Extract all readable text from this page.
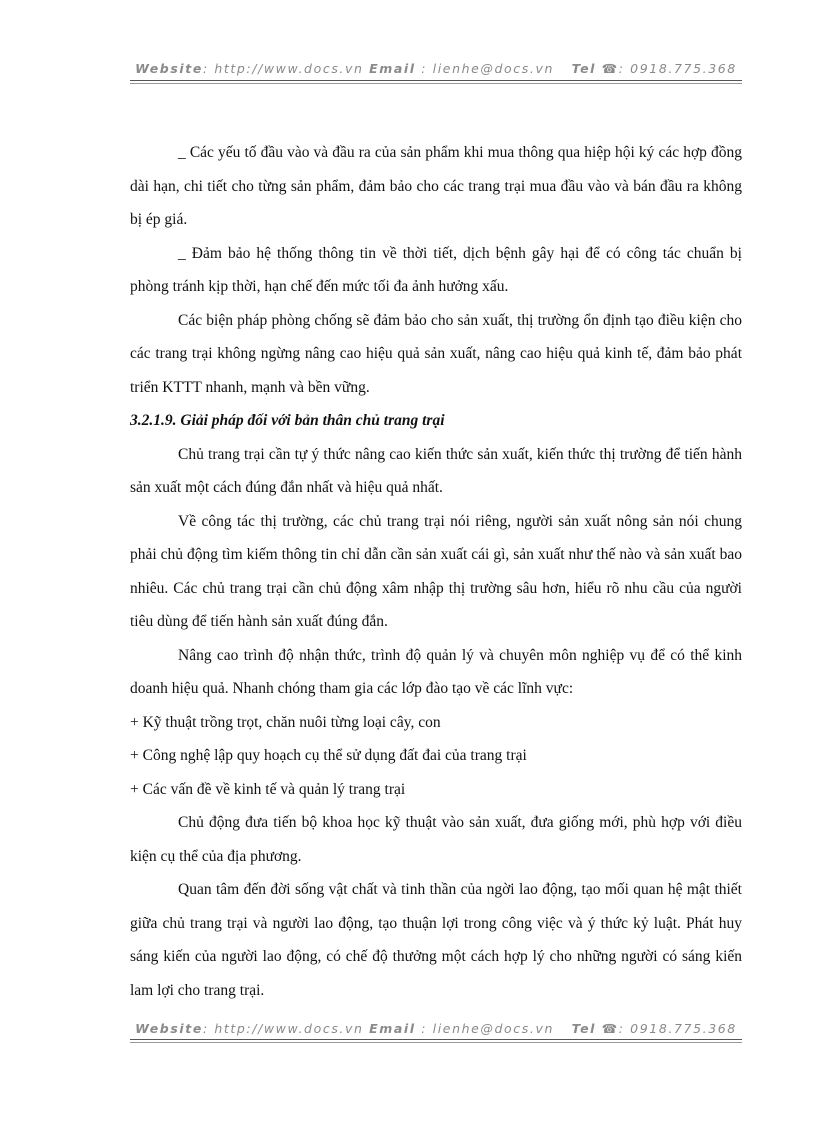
Website: http://www.docs.vn Email : lienhe@docs.vn Tel ☎: 0918.775.368

_ Các yếu tố đầu vào và đầu ra của sản phẩm khi mua thông qua hiệp hội ký các hợp đồng dài hạn, chi tiết cho từng sản phẩm, đảm bảo cho các trang trại mua đầu vào và bán đầu ra không bị ép giá.

_ Đảm bảo hệ thống thông tin về thời tiết, dịch bệnh gây hại để có công tác chuẩn bị phòng tránh kịp thời, hạn chế đến mức tối đa ảnh hưởng xấu.

Các biện pháp phòng chống sẽ đảm bảo cho sản xuất, thị trường ổn định tạo điều kiện cho các trang trại không ngừng nâng cao hiệu quả sản xuất, nâng cao hiệu quả kinh tế, đảm bảo phát triển KTTT nhanh, mạnh và bền vững.

3.2.1.9. Giải pháp đối với bản thân chủ trang trại

Chủ trang trại cần tự ý thức nâng cao kiến thức sản xuất, kiến thức thị trường để tiến hành sản xuất một cách đúng đắn nhất và hiệu quả nhất.

Về công tác thị trường, các chủ trang trại nói riêng, người sản xuất nông sản nói chung phải chủ động tìm kiếm thông tin chỉ dẫn cần sản xuất cái gì, sản xuất như thế nào và sản xuất bao nhiêu. Các chủ trang trại cần chủ động xâm nhập thị trường sâu hơn, hiểu rõ nhu cầu của người tiêu dùng để tiến hành sản xuất đúng đắn.

Nâng cao trình độ nhận thức, trình độ quản lý và chuyên môn nghiệp vụ để có thể kinh doanh hiệu quả. Nhanh chóng tham gia các lớp đào tạo về các lĩnh vực:

+ Kỹ thuật trồng trọt, chăn nuôi từng loại cây, con

+ Công nghệ lập quy hoạch cụ thể sử dụng đất đai của trang trại

+ Các vấn đề về kinh tế và quản lý trang trại

Chủ động đưa tiến bộ khoa học kỹ thuật vào sản xuất, đưa giống mới, phù hợp với điều kiện cụ thể của địa phương.

Quan tâm đến đời sống vật chất và tinh thần của ngời lao động, tạo mối quan hệ mật thiết giữa chủ trang trại và người lao động, tạo thuận lợi trong công việc và ý thức kỷ luật. Phát huy sáng kiến của người lao động, có chế độ thưởng một cách hợp lý cho những người có sáng kiến lam lợi cho trang trại.

Website: http://www.docs.vn Email : lienhe@docs.vn Tel ☎: 0918.775.368
